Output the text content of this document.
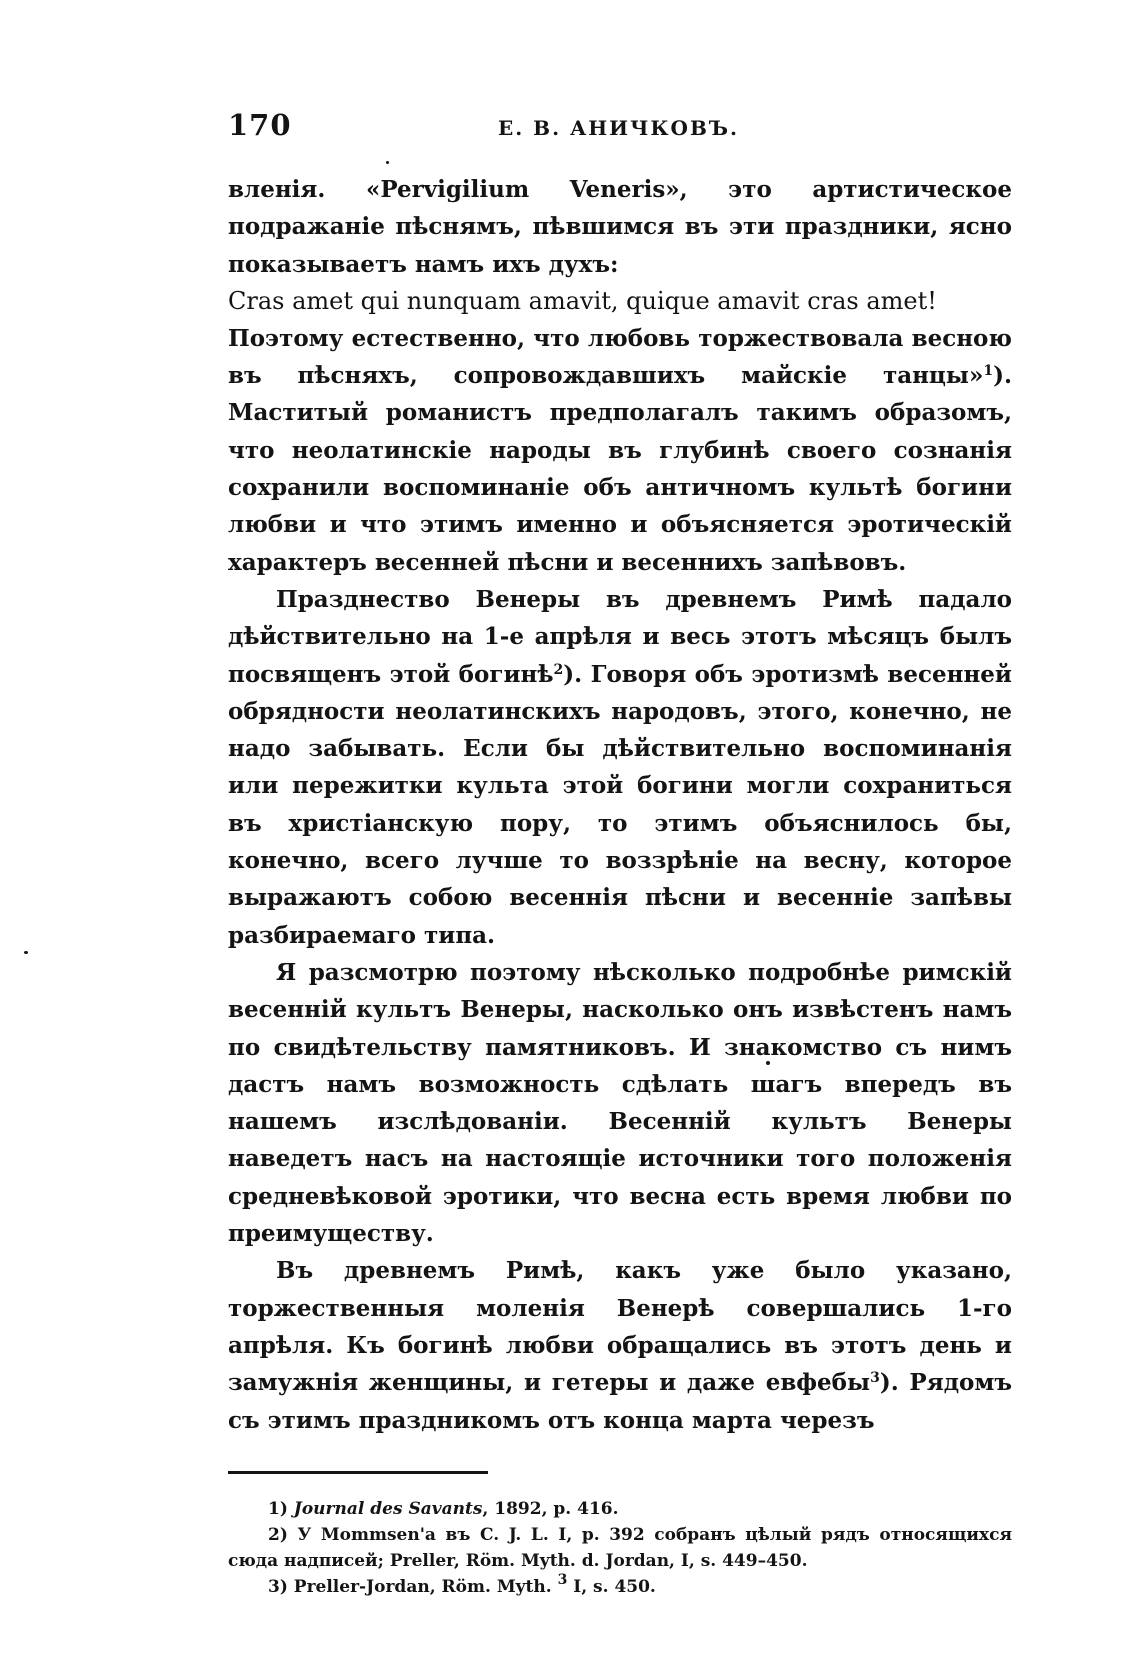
170	Е. В. АНИЧКОВЪ.

вленія. «Pervigilium Veneris», это артистическое подражаніе пѣснямъ, пѣвшимся въ эти праздники, ясно показываетъ намъ ихъ духъ:

Cras amet qui nunquam amavit, quique amavit cras amet!

Поэтому естественно, что любовь торжествовала весною въ пѣсняхъ, сопровождавшихъ майскіе танцы»$^1$). Маститый романистъ предполагалъ такимъ образомъ, что неолатинскіе народы въ глубинѣ своего сознанія сохранили воспоминаніе объ античномъ культѣ богини любви и что этимъ именно и объясняется эротическій характеръ весенней пѣсни и весеннихъ запѣвовъ.

Празднество Венеры въ древнемъ Римѣ падало дѣйствительно на 1-е апрѣля и весь этотъ мѣсяцъ былъ посвященъ этой богинѣ$^2$). Говоря объ эротизмѣ весенней обрядности неолатинскихъ народовъ, этого, конечно, не надо забывать. Если бы дѣйствительно воспоминанія или пережитки культа этой богини могли сохраниться въ христіанскую пору, то этимъ объяснилось бы, конечно, всего лучше то воззрѣніе на весну, которое выражаютъ собою весеннія пѣсни и весенніе запѣвы разбираемаго типа.

Я разсмотрю поэтому нѣсколько подробнѣе римскій весенній культъ Венеры, насколько онъ извѣстенъ намъ по свидѣтельству памятниковъ. И знакомство съ нимъ дастъ намъ возможность сдѣлать шагъ впередъ въ нашемъ изслѣдованіи. Весенній культъ Венеры наведетъ насъ на настоящіе источники того положенія средневѣковой эротики, что весна есть время любви по преимуществу.

Въ древнемъ Римѣ, какъ уже было указано, торжественныя моленія Венерѣ совершались 1-го апрѣля. Къ богинѣ любви обращались въ этотъ день и замужнія женщины, и гетеры и даже евфебы$^3$). Рядомъ съ этимъ праздникомъ отъ конца марта черезъ

1) Journal des Savants, 1892, p. 416.

2) У Mommsen'а въ C. J. L. I, p. 392 собранъ цѣлый рядъ относящихся сюда надписей; Preller, Röm. Myth. d. Jordan, I, s. 449–450.

3) Preller-Jordan, Röm. Myth. $^3$ I, s. 450.
